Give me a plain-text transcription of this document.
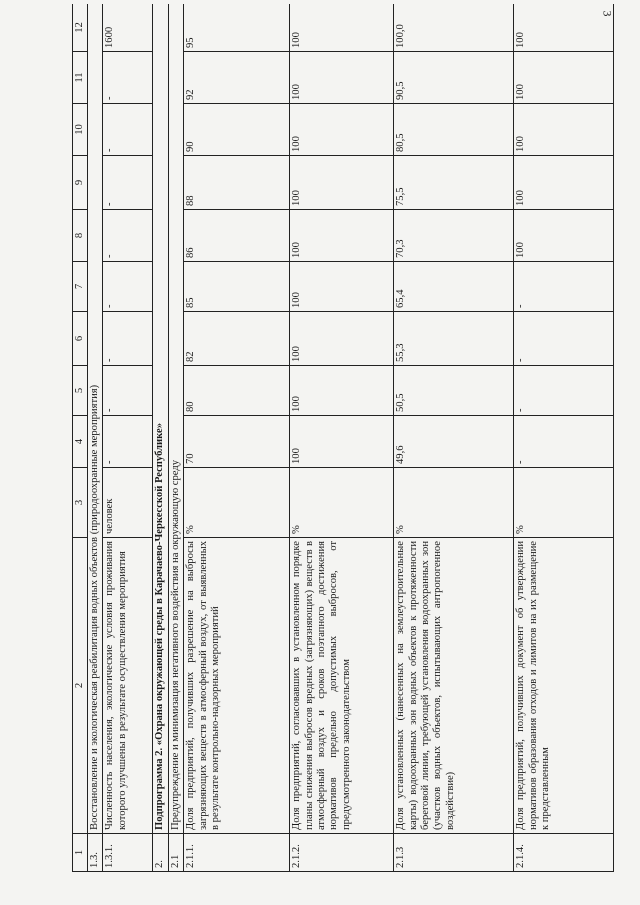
3
1	2	3	4	5	6	7	8	9	10	11	12
1.3.	Восстановление и экологическая реабилитация водных объектов (природоохранные мероприятия)										
1.3.1.	Численность населения, экологические условия проживания которого улучшены в результате осуществления мероприятия	человек	-	-	-	-	-	-	-	-	1600
2.	Подпрограмма 2. «Охрана окружающей среды в Карачаево-Черкесской Республике»										
2.1	Предупреждение и минимизация негативного воздействия на окружающую среду										
2.1.1.	Доля предприятий, получивших разрешение на выбросы загрязняющих веществ в атмосферный воздух, от выявленных в результате контрольно-надзорных мероприятий	%	70	80	82	85	86	88	90	92	95
2.1.2.	Доля предприятий, согласовавших в установленном порядке планы снижения выбросов вредных (загрязняющих) веществ в атмосферный воздух и сроков поэтапного достижения нормативов предельно допустимых выбросов, от предусмотренного законодательством	%	100	100	100	100	100	100	100	100	100
2.1.3	Доля установленных (нанесенных на землеустроительные карты) водоохранных зон водных объектов к протяженности береговой линии, требующей установления водоохранных зон (участков водных объектов, испытывающих антропогенное воздействие)	%	49,6	50,5	55,3	65,4	70,3	75,5	80,5	90,5	100,0
2.1.4.	Доля предприятий, получивших документ об утверждении нормативов образования отходов и лимитов на их размещение к представленным	%	-	-	-	-	100	100	100	100	100
